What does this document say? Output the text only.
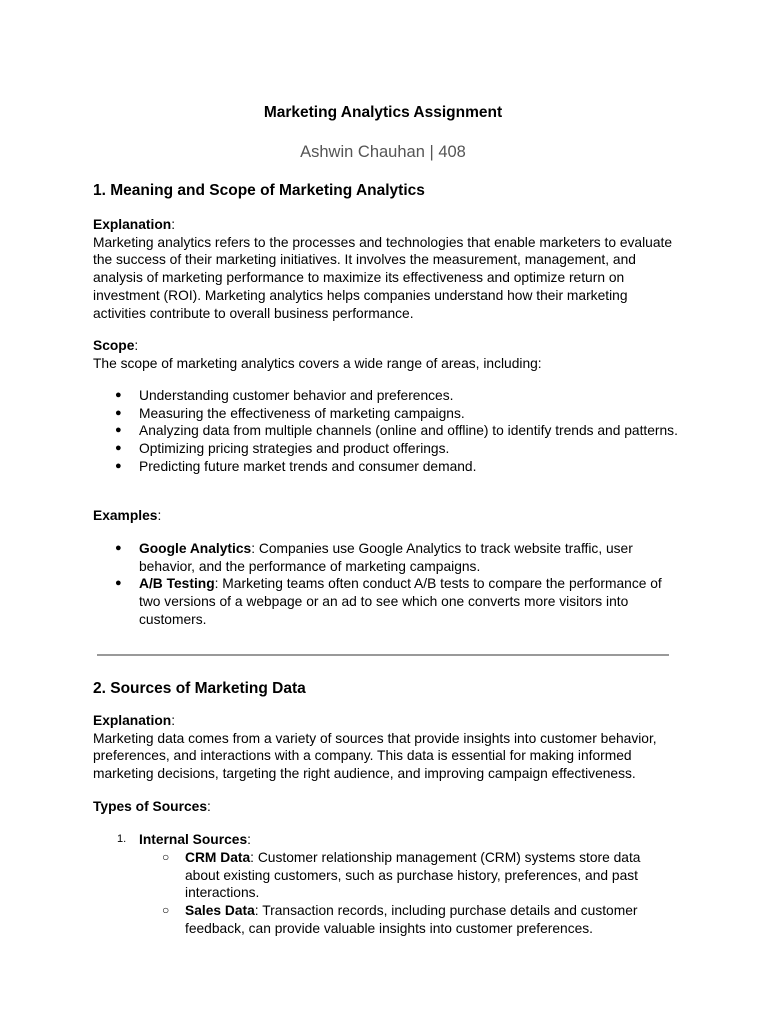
Marketing Analytics Assignment
Ashwin Chauhan | 408
1. Meaning and Scope of Marketing Analytics
Explanation:
Marketing analytics refers to the processes and technologies that enable marketers to evaluate the success of their marketing initiatives. It involves the measurement, management, and analysis of marketing performance to maximize its effectiveness and optimize return on investment (ROI). Marketing analytics helps companies understand how their marketing activities contribute to overall business performance.
Scope:
The scope of marketing analytics covers a wide range of areas, including:
● Understanding customer behavior and preferences.
● Measuring the effectiveness of marketing campaigns.
● Analyzing data from multiple channels (online and offline) to identify trends and patterns.
● Optimizing pricing strategies and product offerings.
● Predicting future market trends and consumer demand.
Examples:
● Google Analytics: Companies use Google Analytics to track website traffic, user behavior, and the performance of marketing campaigns.
● A/B Testing: Marketing teams often conduct A/B tests to compare the performance of two versions of a webpage or an ad to see which one converts more visitors into customers.
2. Sources of Marketing Data
Explanation:
Marketing data comes from a variety of sources that provide insights into customer behavior, preferences, and interactions with a company. This data is essential for making informed marketing decisions, targeting the right audience, and improving campaign effectiveness.
Types of Sources:
1. Internal Sources:
○ CRM Data: Customer relationship management (CRM) systems store data about existing customers, such as purchase history, preferences, and past interactions.
○ Sales Data: Transaction records, including purchase details and customer feedback, can provide valuable insights into customer preferences.
